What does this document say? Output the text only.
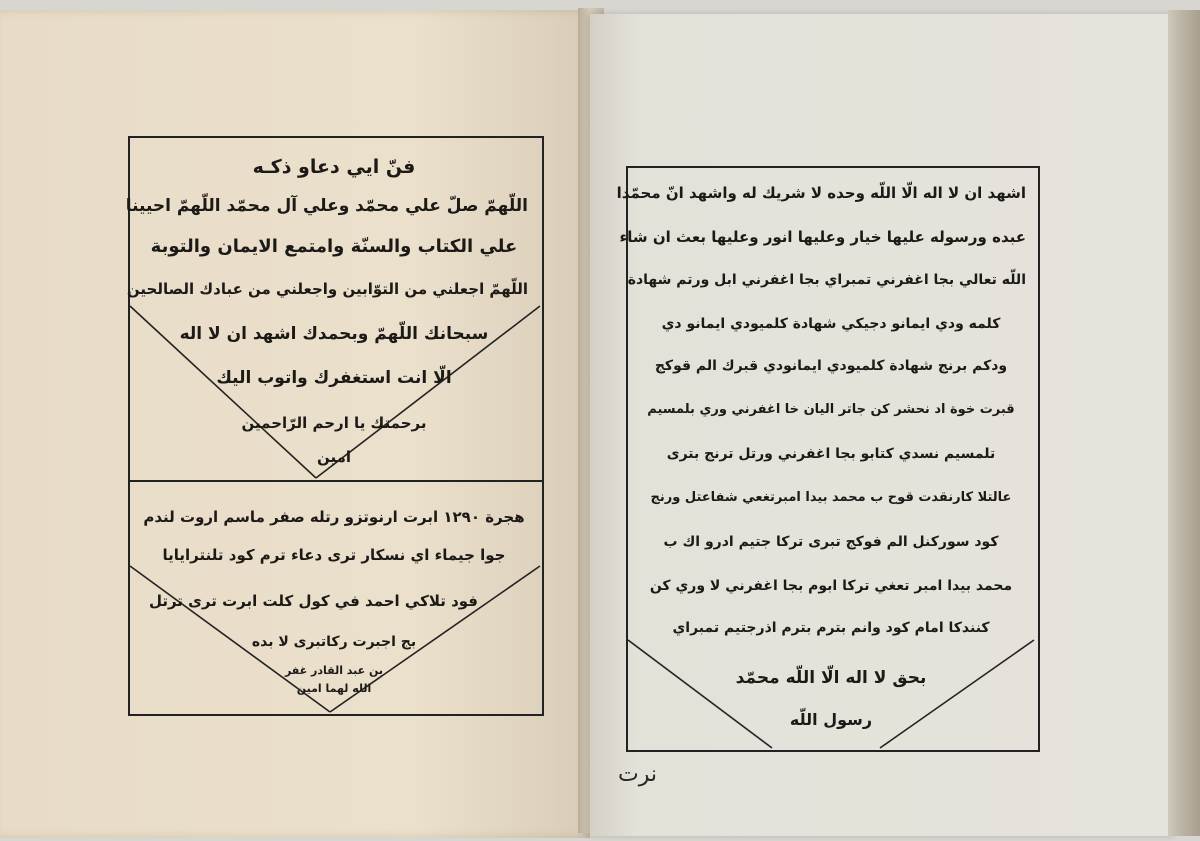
فنّ ايي دعاو ذكـه
اللّهمّ صلّ علي محمّد وعلي آل محمّد اللّهمّ احيينا
علي الكتاب والسنّة وامتمع الايمان والتوبة
اللّهمّ اجعلني من التوّابين واجعلني من عبادك الصالحين
سبحانك اللّهمّ وبحمدك اشهد ان لا اله
الّا انت استغفرك واتوب اليك
برحمتك يا ارحم الرّاحمين
امين
هجرة ١٢٩٠ ابرت ارنوتزو رتله صفر ماسم اروت لندم
جوا جيماء اي نسكار ترى دعاء ترم كود تلنترايايا
فود تلاكي احمد في كول كلت ابرت ترى ترتل
بج اجبرت ركاتبرى لا بده
بن عبد القادر غفر
الله لهما امين
اشهد ان لا اله الّا اللّه وحده لا شريك له واشهد انّ محمّدا
عبده ورسوله عليها خيار وعليها انور وعليها بعث ان شاء
اللّه تعالي بجا اغفرني تمبراي بجا اغفرني ابل ورتم شهادة
كلمه ودي ايمانو دجيكي شهادة كلميودي ايمانو دي
ودكم برنج شهادة كلميودي ايمانودي قبرك الم قوكج
قبرت خوة اد نحشر كن جاتر اليان خا اغفرني وري بلمسيم
تلمسيم نسدي كتابو بجا اغفرني ورتل ترنج بترى
عالتلا كارنقدت قوح ب محمد بيدا امبرتغعي شفاعتل ورنج
كود سوركنل الم فوكج تبرى تركا جتيم ادرو اك ب
محمد بيدا امبر تعغي تركا ابوم بجا اغفرني لا وري كن
كنندكا امام كود وانم بترم بترم اذرجتيم تمبراي
بحق لا اله الّا اللّه محمّد
رسول اللّه
نرت
